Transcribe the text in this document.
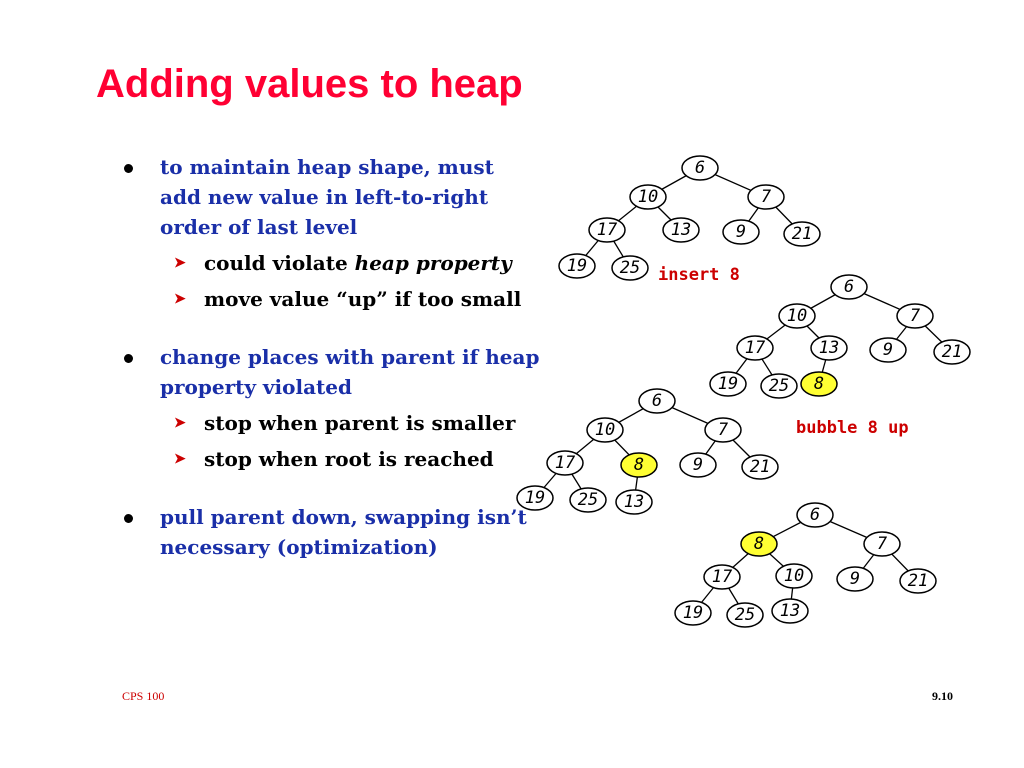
Adding values to heap
to maintain heap shape, must add new value in left-to-right order of last level
➤ could violate heap property
➤ move value “up” if too small
change places with parent if heap property violated
➤ stop when parent is smaller
➤ stop when root is reached
pull parent down, swapping isn’t necessary (optimization)
insert 8
bubble 8 up
6
10	7
17	13	9	21
19 25
6
10	7
17	13	9	21
19 25 8
6
10	7
17	8	9	21
19 25 13
6
8	7
17	10	9	21
19 25 13
CPS 100	9.10
